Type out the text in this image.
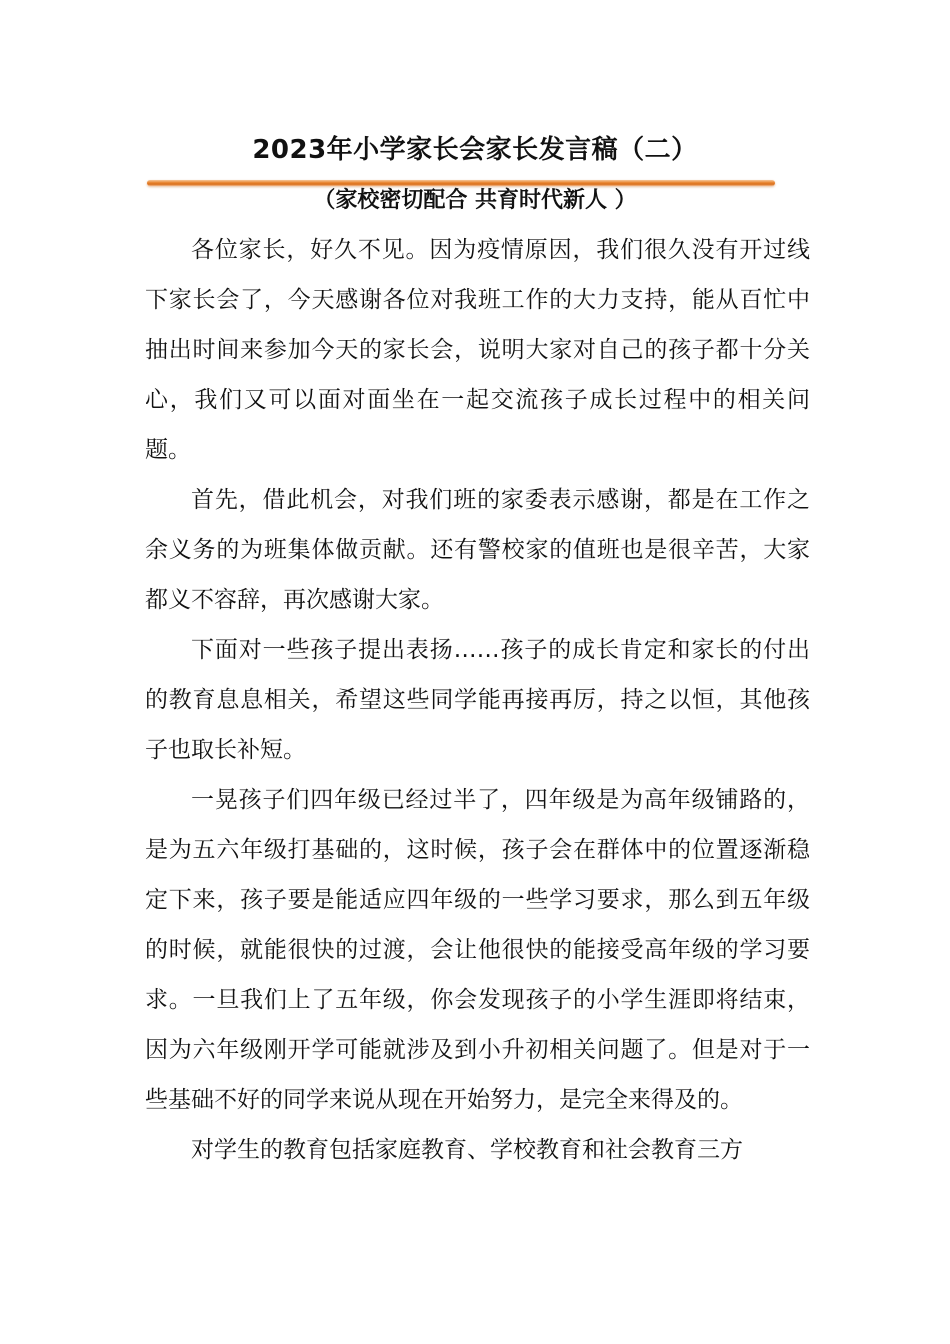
2023年小学家长会家长发言稿（二）
（家校密切配合 共育时代新人 ）

各位家长，好久不见。因为疫情原因，我们很久没有开过线下家长会了，今天感谢各位对我班工作的大力支持，能从百忙中抽出时间来参加今天的家长会，说明大家对自己的孩子都十分关心，我们又可以面对面坐在一起交流孩子成长过程中的相关问题。

首先，借此机会，对我们班的家委表示感谢，都是在工作之余义务的为班集体做贡献。还有警校家的值班也是很辛苦，大家都义不容辞，再次感谢大家。

下面对一些孩子提出表扬……孩子的成长肯定和家长的付出的教育息息相关，希望这些同学能再接再厉，持之以恒，其他孩子也取长补短。

一晃孩子们四年级已经过半了，四年级是为高年级铺路的，是为五六年级打基础的，这时候，孩子会在群体中的位置逐渐稳定下来，孩子要是能适应四年级的一些学习要求，那么到五年级的时候，就能很快的过渡，会让他很快的能接受高年级的学习要求。一旦我们上了五年级，你会发现孩子的小学生涯即将结束，因为六年级刚开学可能就涉及到小升初相关问题了。但是对于一些基础不好的同学来说从现在开始努力，是完全来得及的。

对学生的教育包括家庭教育、学校教育和社会教育三方
